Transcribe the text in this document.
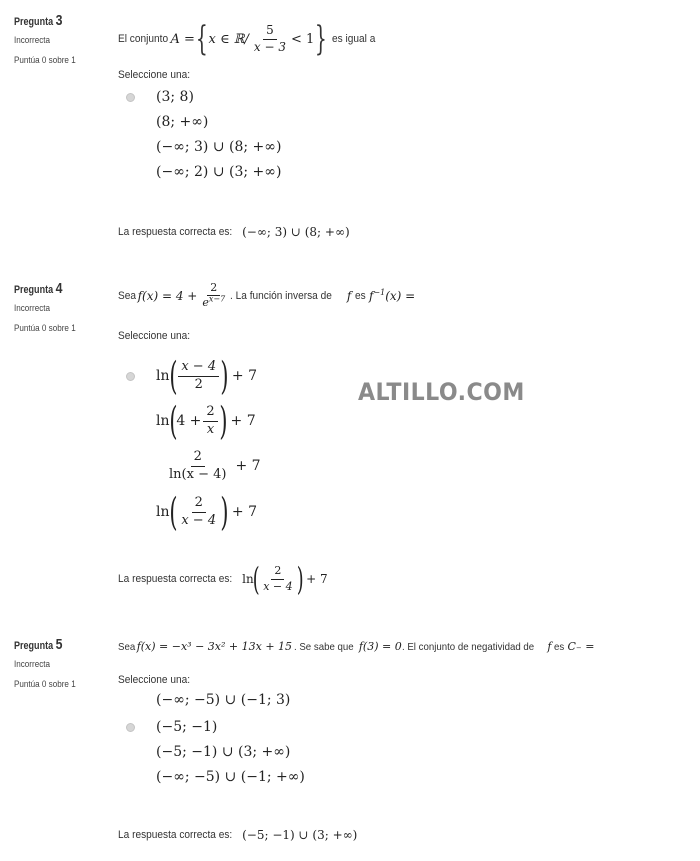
ALTILLO.COM
Pregunta 3
Incorrecta
Puntúa 0 sobre 1
El conjunto A = { x ∈ ℝ/ $\frac{5}{x - 3} < 1$ } es igual a
Seleccione una:
(3; 8)
(8; +∞)
(−∞; 3) ∪ (8; +∞)
(−∞; 2) ∪ (3; +∞)
La respuesta correcta es: (−∞; 3) ∪ (8; +∞)
Pregunta 4
Incorrecta
Puntúa 0 sobre 1
Sea $f(x) = 4 + \frac{2}{e^{x-7}}$ . La función inversa de f es $f^{-1}(x)$ =
Seleccione una:
ln ( $\frac{x - 4}{2}$ ) + 7
ln ( $4 + \frac{2}{x}$ ) + 7
$\frac{2}{\ln(x - 4)} + 7$
ln ( $\frac{2}{x - 4}$ ) + 7
La respuesta correcta es: ln
( $\frac{2}{x - 4}$ ) + 7
Pregunta 5
Incorrecta
Puntúa 0 sobre 1
Sea f(x) = −x³ − 3x² + 13x + 15 . Se sabe que f(3) = 0 . El conjunto de negatividad de f es C₋ =
Seleccione una:
(−∞; −5) ∪ (−1; 3)
(−5; −1)
(−5; −1) ∪ (3; +∞)
(−∞; −5) ∪ (−1; +∞)
La respuesta correcta es: (−5; −1) ∪ (3; +∞)
